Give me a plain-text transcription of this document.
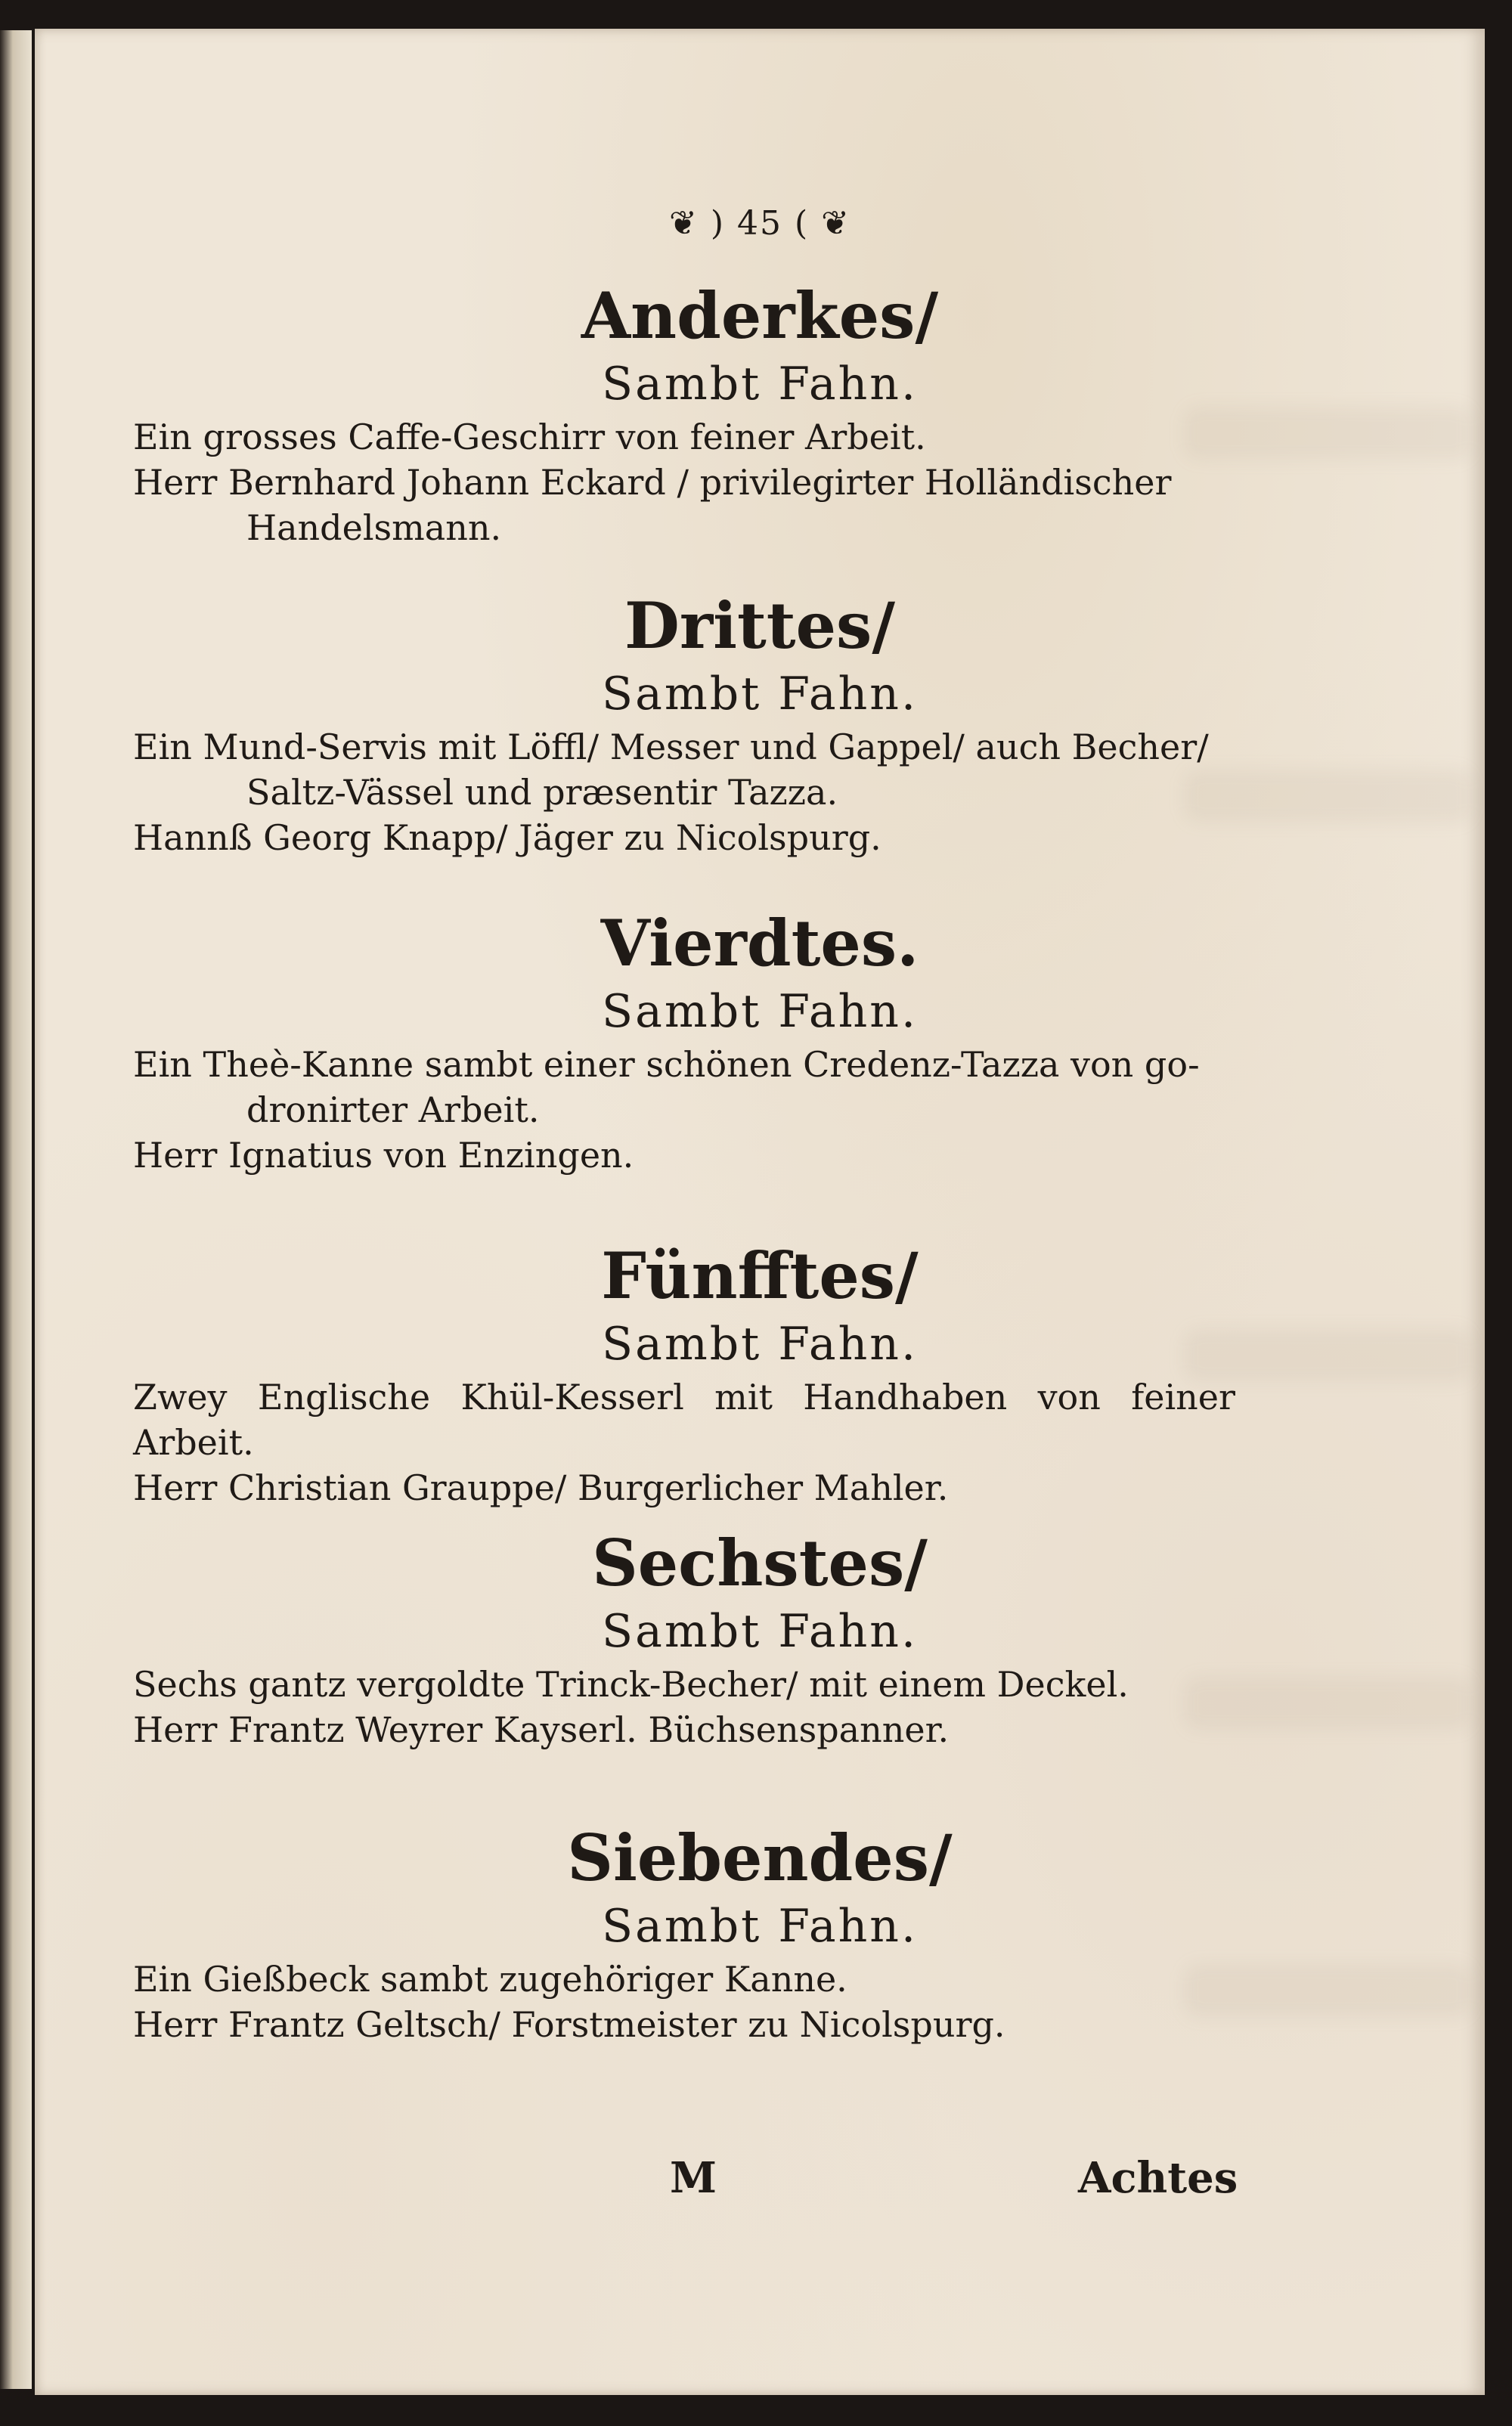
❦ ) 45 ( ❦

Anderkes/

Sambt Fahn.

Ein grosses Caffe-Geschirr von feiner Arbeit.

Herr Bernhard Johann Eckard / privilegirter Holländischer

Handelsmann.

Drittes/

Sambt Fahn.

Ein Mund-Servis mit Löffl/ Messer und Gappel/ auch Becher/

Saltz-Vässel und præsentir Tazza.

Hannß Georg Knapp/ Jäger zu Nicolspurg.

Vierdtes.

Sambt Fahn.

Ein Theè-Kanne sambt einer schönen Credenz-Tazza von go-

dronirter Arbeit.

Herr Ignatius von Enzingen.

Fünfftes/

Sambt Fahn.

Zwey Englische Khül-Kesserl mit Handhaben von feiner Arbeit.

Herr Christian Grauppe/ Burgerlicher Mahler.

Sechstes/

Sambt Fahn.

Sechs gantz vergoldte Trinck-Becher/ mit einem Deckel.

Herr Frantz Weyrer Kayserl. Büchsenspanner.

Siebendes/

Sambt Fahn.

Ein Gießbeck sambt zugehöriger Kanne.

Herr Frantz Geltsch/ Forstmeister zu Nicolspurg.

M	Achtes
